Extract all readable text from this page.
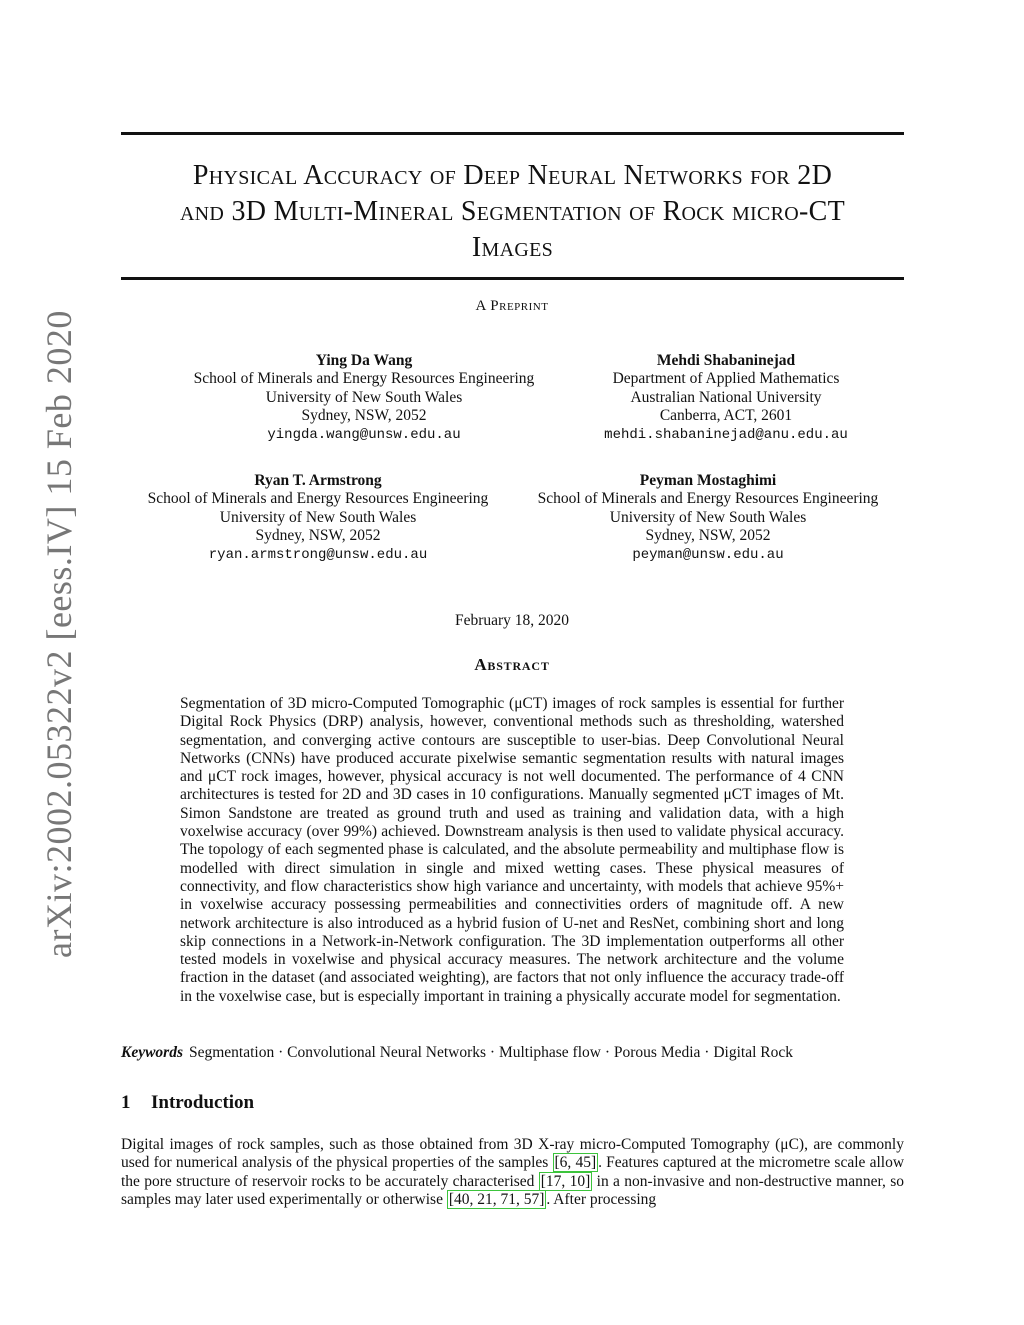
arXiv:2002.05322v2 [eess.IV] 15 Feb 2020
Physical Accuracy of Deep Neural Networks for 2D
and 3D Multi-Mineral Segmentation of Rock micro-CT
Images
A Preprint
Ying Da Wang
School of Minerals and Energy Resources Engineering
University of New South Wales
Sydney, NSW, 2052
yingda.wang@unsw.edu.au
Mehdi Shabaninejad
Department of Applied Mathematics
Australian National University
Canberra, ACT, 2601
mehdi.shabaninejad@anu.edu.au
Ryan T. Armstrong
School of Minerals and Energy Resources Engineering
University of New South Wales
Sydney, NSW, 2052
ryan.armstrong@unsw.edu.au
Peyman Mostaghimi
School of Minerals and Energy Resources Engineering
University of New South Wales
Sydney, NSW, 2052
peyman@unsw.edu.au
February 18, 2020
Abstract
Segmentation of 3D micro-Computed Tomographic (μCT) images of rock samples is essential for further Digital Rock Physics (DRP) analysis, however, conventional methods such as thresholding, watershed segmentation, and converging active contours are susceptible to user-bias. Deep Convolutional Neural Networks (CNNs) have produced accurate pixelwise semantic segmentation results with natural images and μCT rock images, however, physical accuracy is not well documented. The performance of 4 CNN architectures is tested for 2D and 3D cases in 10 configurations. Manually segmented μCT images of Mt. Simon Sandstone are treated as ground truth and used as training and validation data, with a high voxelwise accuracy (over 99%) achieved. Downstream analysis is then used to validate physical accuracy. The topology of each segmented phase is calculated, and the absolute permeability and multiphase flow is modelled with direct simulation in single and mixed wetting cases. These physical measures of connectivity, and flow characteristics show high variance and uncertainty, with models that achieve 95%+ in voxelwise accuracy possessing permeabilities and connectivities orders of magnitude off. A new network architecture is also introduced as a hybrid fusion of U-net and ResNet, combining short and long skip connections in a Network-in-Network configuration. The 3D implementation outperforms all other tested models in voxelwise and physical accuracy measures. The network architecture and the volume fraction in the dataset (and associated weighting), are factors that not only influence the accuracy trade-off in the voxelwise case, but is especially important in training a physically accurate model for segmentation.
Keywords Segmentation · Convolutional Neural Networks · Multiphase flow · Porous Media · Digital Rock
1 Introduction
Digital images of rock samples, such as those obtained from 3D X-ray micro-Computed Tomography (μC), are commonly used for numerical analysis of the physical properties of the samples [6, 45] . Features captured at the micrometre scale allow the pore structure of reservoir rocks to be accurately characterised [17, 10] in a non-invasive and non-destructive manner, so samples may later used experimentally or otherwise [40, 21, 71, 57] . After processing
